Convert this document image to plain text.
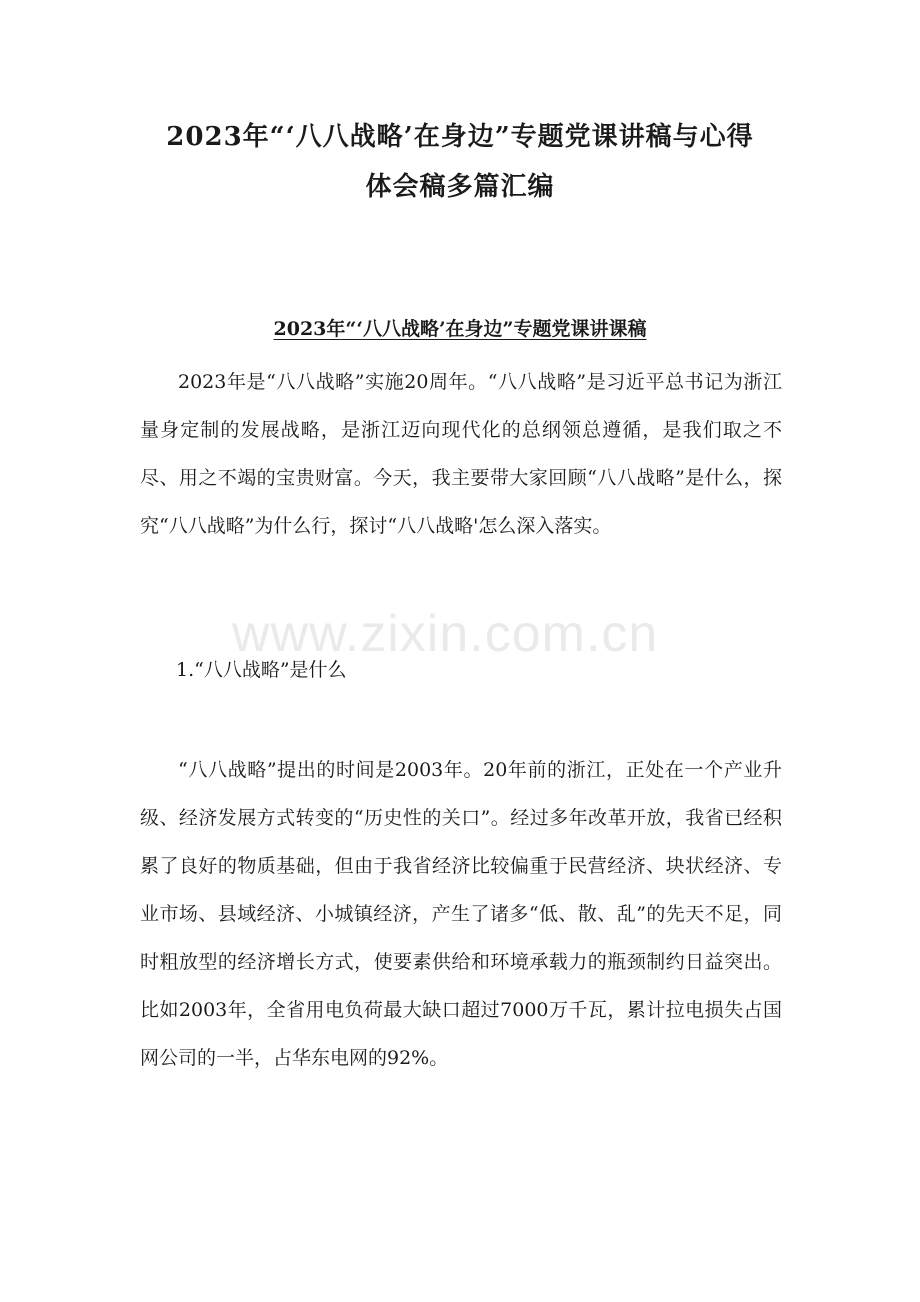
2023年“‘八八战略’在身边”专题党课讲稿与心得
体会稿多篇汇编
2023年“‘八八战略’在身边”专题党课讲课稿

2023年是“八八战略”实施20周年。“八八战略”是习近平总书记为浙江量身定制的发展战略，是浙江迈向现代化的总纲领总遵循，是我们取之不尽、用之不竭的宝贵财富。今天，我主要带大家回顾“八八战略”是什么，探究“八八战略”为什么行，探讨“八八战略'怎么深入落实。

www.zixin.com.cn

1.“八八战略”是什么

“八八战略”提出的时间是2003年。20年前的浙江，正处在一个产业升级、经济发展方式转变的“历史性的关口”。经过多年改革开放，我省已经积累了良好的物质基础，但由于我省经济比较偏重于民营经济、块状经济、专业市场、县域经济、小城镇经济，产生了诸多“低、散、乱”的先天不足，同时粗放型的经济增长方式，使要素供给和环境承载力的瓶颈制约日益突出。比如2003年，全省用电负荷最大缺口超过7000万千瓦，累计拉电损失占国网公司的一半，占华东电网的92%。
